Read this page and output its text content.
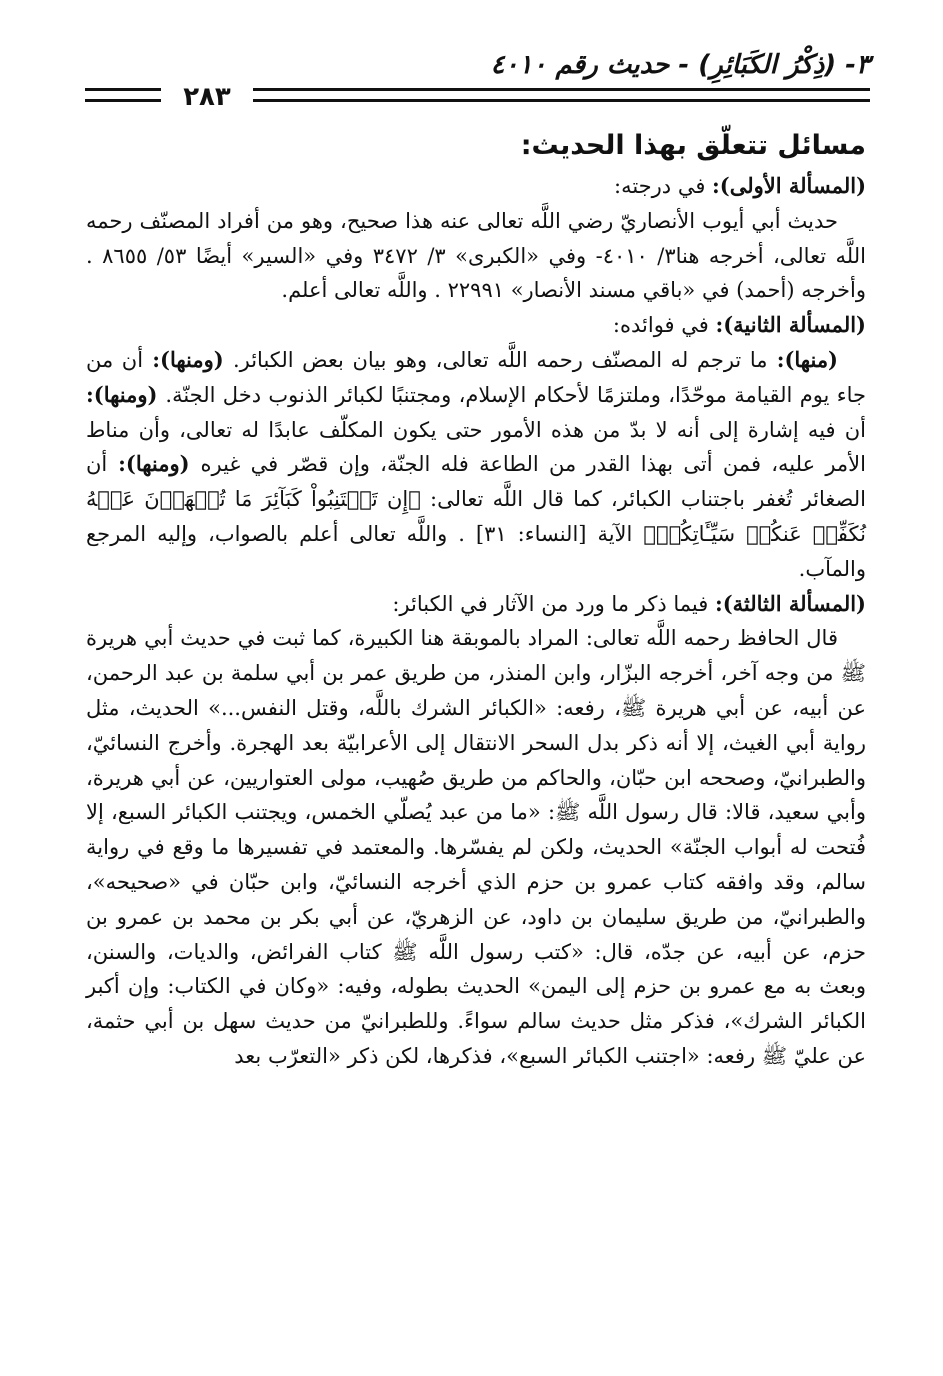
٣- (ذِكْرُ الكَبَائِرِ) - حديث رقم ٤٠١٠
٢٨٣

مسائل تتعلّق بهذا الحديث:

(المسألة الأولى): في درجته:

حديث أبي أيوب الأنصاريّ رضي اللَّه تعالى عنه هذا صحيح، وهو من أفراد المصنّف رحمه اللَّه تعالى، أخرجه هنا٣/ ٤٠١٠- وفي «الكبرى» ٣/ ٣٤٧٢ وفي «السير» أيضًا ٥٣/ ٨٦٥٥ . وأخرجه (أحمد) في «باقي مسند الأنصار» ٢٢٩٩١ . واللَّه تعالى أعلم.

(المسألة الثانية): في فوائده:

(منها): ما ترجم له المصنّف رحمه اللَّه تعالى، وهو بيان بعض الكبائر. (ومنها): أن من جاء يوم القيامة موحّدًا، وملتزمًا لأحكام الإسلام، ومجتنبًا لكبائر الذنوب دخل الجنّة. (ومنها): أن فيه إشارة إلى أنه لا بدّ من هذه الأمور حتى يكون المكلّف عابدًا له تعالى، وأن مناط الأمر عليه، فمن أتى بهذا القدر من الطاعة فله الجنّة، وإن قصّر في غيره (ومنها): أن الصغائر تُغفر باجتناب الكبائر، كما قال اللَّه تعالى: ﴿إِن تَجۡتَنِبُواْ كَبَآئِرَ مَا تُنۡهَوۡنَ عَنۡهُ نُكَفِّرۡ عَنكُمۡ سَيِّـَٔاتِكُمۡ﴾ الآية [النساء: ٣١] . واللَّه تعالى أعلم بالصواب، وإليه المرجع والمآب.

(المسألة الثالثة): فيما ذكر ما ورد من الآثار في الكبائر:

قال الحافظ رحمه اللَّه تعالى: المراد بالموبقة هنا الكبيرة، كما ثبت في حديث أبي هريرة ﷺ من وجه آخر، أخرجه البزّار، وابن المنذر، من طريق عمر بن أبي سلمة بن عبد الرحمن، عن أبيه، عن أبي هريرة ﷺ، رفعه: «الكبائر الشرك باللَّه، وقتل النفس...» الحديث، مثل رواية أبي الغيث، إلا أنه ذكر بدل السحر الانتقال إلى الأعرابيّة بعد الهجرة. وأخرج النسائيّ، والطبرانيّ، وصححه ابن حبّان، والحاكم من طريق صُهيب، مولى العتواريين، عن أبي هريرة، وأبي سعيد، قالا: قال رسول اللَّه ﷺ: «ما من عبد يُصلّي الخمس، ويجتنب الكبائر السبع، إلا فُتحت له أبواب الجنّة» الحديث، ولكن لم يفسّرها. والمعتمد في تفسيرها ما وقع في رواية سالم، وقد وافقه كتاب عمرو بن حزم الذي أخرجه النسائيّ، وابن حبّان في «صحيحه»، والطبرانيّ، من طريق سليمان بن داود، عن الزهريّ، عن أبي بكر بن محمد بن عمرو بن حزم، عن أبيه، عن جدّه، قال: «كتب رسول اللَّه ﷺ كتاب الفرائض، والديات، والسنن، وبعث به مع عمرو بن حزم إلى اليمن» الحديث بطوله، وفيه: «وكان في الكتاب: وإن أكبر الكبائر الشرك»، فذكر مثل حديث سالم سواءً. وللطبرانيّ من حديث سهل بن أبي حثمة، عن عليّ ﷺ رفعه: «اجتنب الكبائر السبع»، فذكرها، لكن ذكر «التعرّب بعد
